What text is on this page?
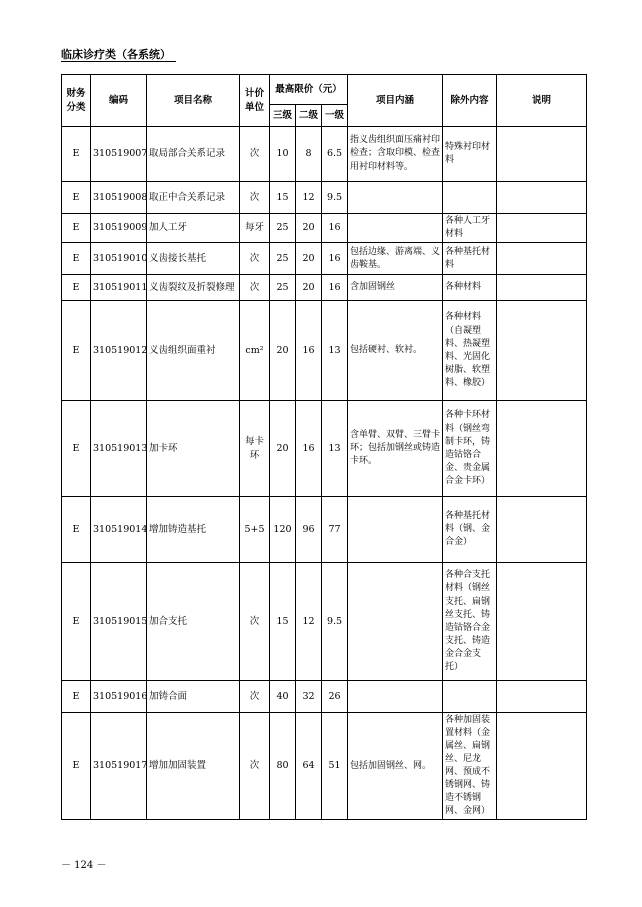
临床诊疗类（各系统）
财务分类	编码	项目名称	计价单位	最高限价（元）			项目内涵	除外内容	说明
				三级	二级	一级			
E	310519007	取局部合关系记录	次	10	8	6.5	指义齿组织面压痛衬印检查；含取印模、检查用衬印材料等。	特殊衬印材料	
E	310519008	取正中合关系记录	次	15	12	9.5			
E	310519009	加人工牙	每牙	25	20	16		各种人工牙材料	
E	310519010	义齿接长基托	次	25	20	16	包括边缘、游离端、义齿鞍基。	各种基托材料	
E	310519011	义齿裂纹及折裂修理	次	25	20	16	含加固钢丝	各种材料	
E	310519012	义齿组织面重衬	cm²	20	16	13	包括硬衬、软衬。	各种材料（自凝塑料、热凝塑料、光固化树脂、软塑料、橡胶）	
E	310519013	加卡环	每卡环	20	16	13	含单臂、双臂、三臂卡环；包括加钢丝或铸造卡环。	各种卡环材料（钢丝弯制卡环，铸造钴铬合金、贵金属合金卡环）	
E	310519014	增加铸造基托	5+5	120	96	77		各种基托材料（钢、金合金）	
E	310519015	加合支托	次	15	12	9.5		各种合支托材料（钢丝支托、扁钢丝支托、铸造钴铬合金支托、铸造金合金支托）	
E	310519016	加铸合面	次	40	32	26			
E	310519017	增加加固装置	次	80	64	51	包括加固钢丝、网。	各种加固装置材料（金属丝、扁钢丝、尼龙网、预成不锈钢网、铸造不锈钢网、金网）	
－ 124 －
